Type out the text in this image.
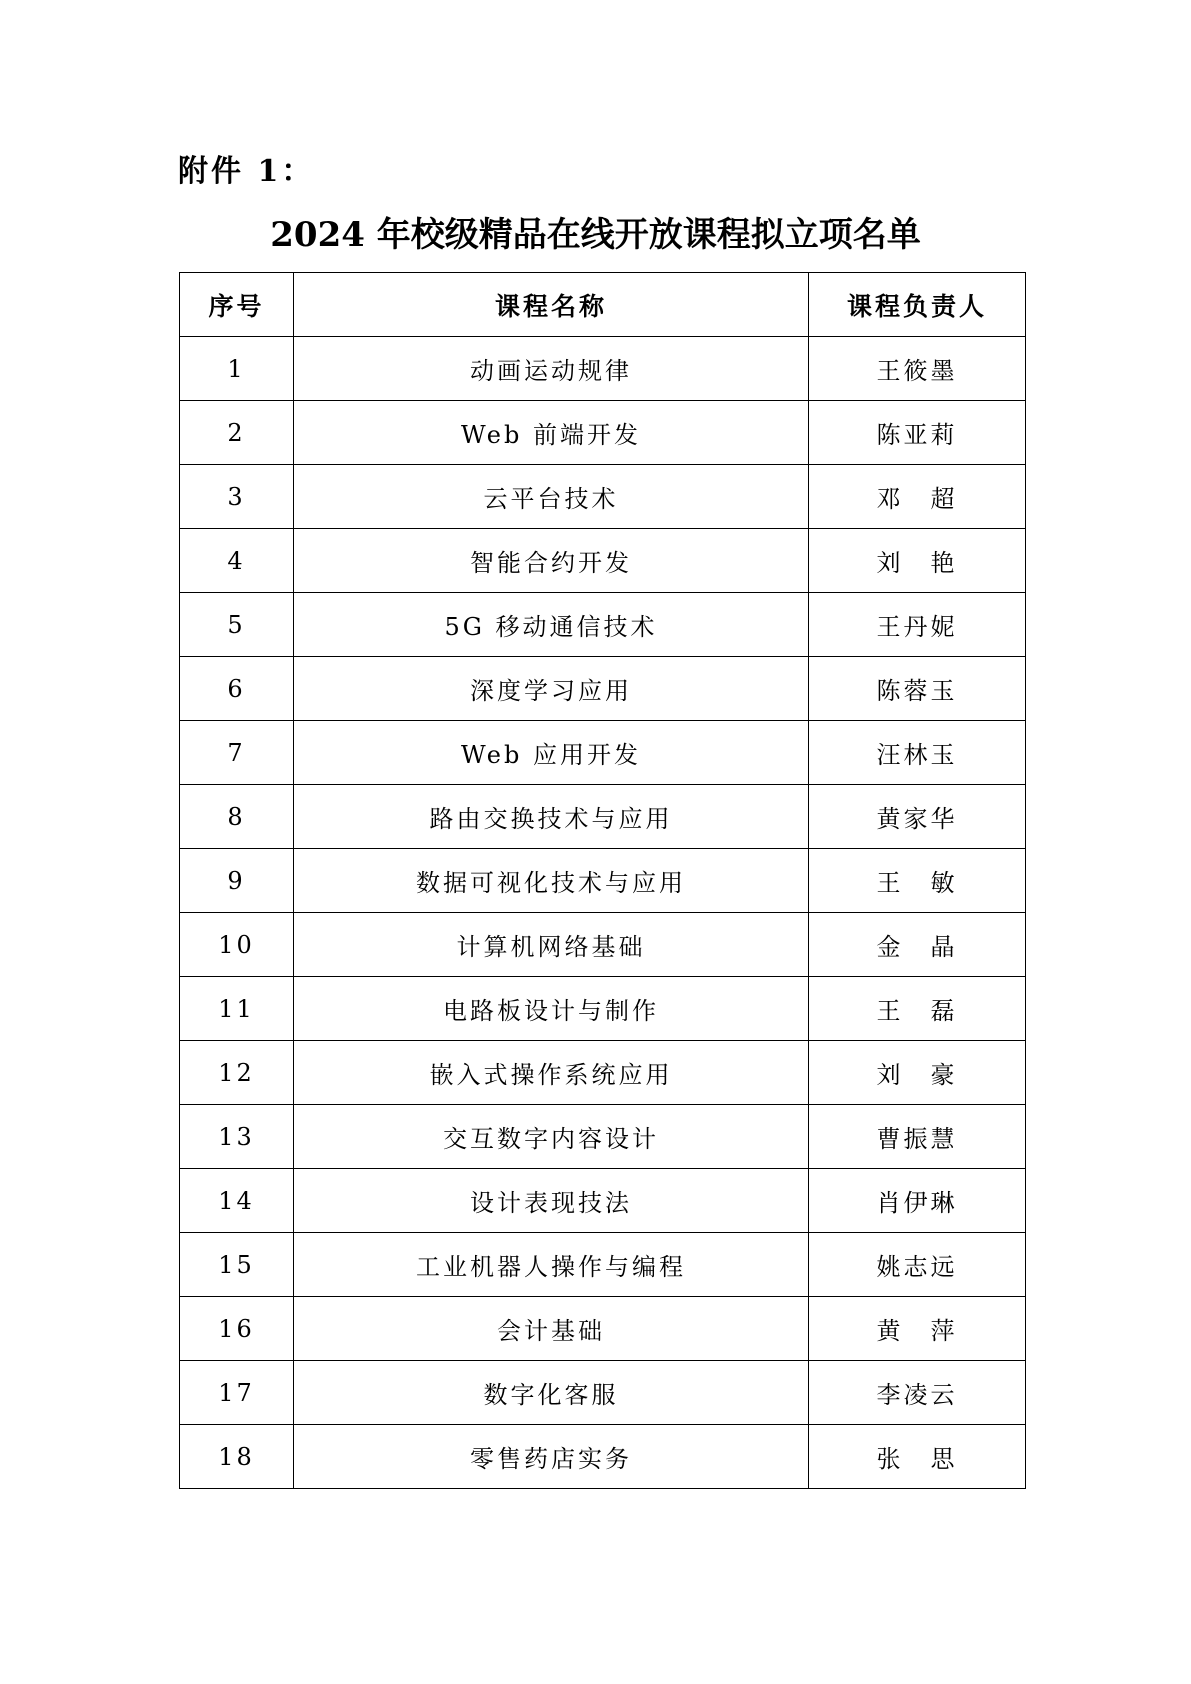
附件 1：
2024 年校级精品在线开放课程拟立项名单
序号	课程名称	课程负责人
1	动画运动规律	王筱墨
2	Web 前端开发	陈亚莉
3	云平台技术	邓　超
4	智能合约开发	刘　艳
5	5G 移动通信技术	王丹妮
6	深度学习应用	陈蓉玉
7	Web 应用开发	汪林玉
8	路由交换技术与应用	黄家华
9	数据可视化技术与应用	王　敏
10	计算机网络基础	金　晶
11	电路板设计与制作	王　磊
12	嵌入式操作系统应用	刘　豪
13	交互数字内容设计	曹振慧
14	设计表现技法	肖伊琳
15	工业机器人操作与编程	姚志远
16	会计基础	黄　萍
17	数字化客服	李凌云
18	零售药店实务	张　思
